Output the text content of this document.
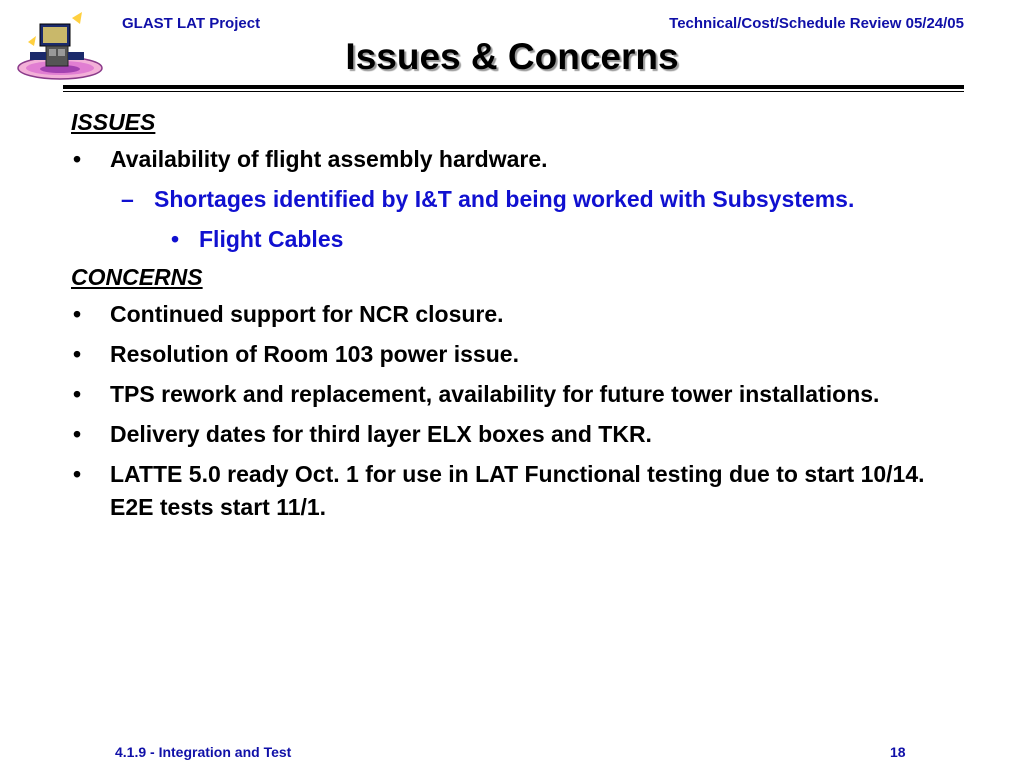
GLAST LAT Project	Technical/Cost/Schedule Review 05/24/05
Issues & Concerns
ISSUES
• Availability of flight assembly hardware.
– Shortages identified by I&T and being worked with Subsystems.
• Flight Cables
CONCERNS
• Continued support for NCR closure.
• Resolution of Room 103 power issue.
• TPS rework and replacement, availability for future tower installations.
• Delivery dates for third layer ELX boxes and TKR.
• LATTE 5.0 ready Oct. 1 for use in LAT Functional testing due to start 10/14. E2E tests start 11/1.
4.1.9 - Integration and Test	18
